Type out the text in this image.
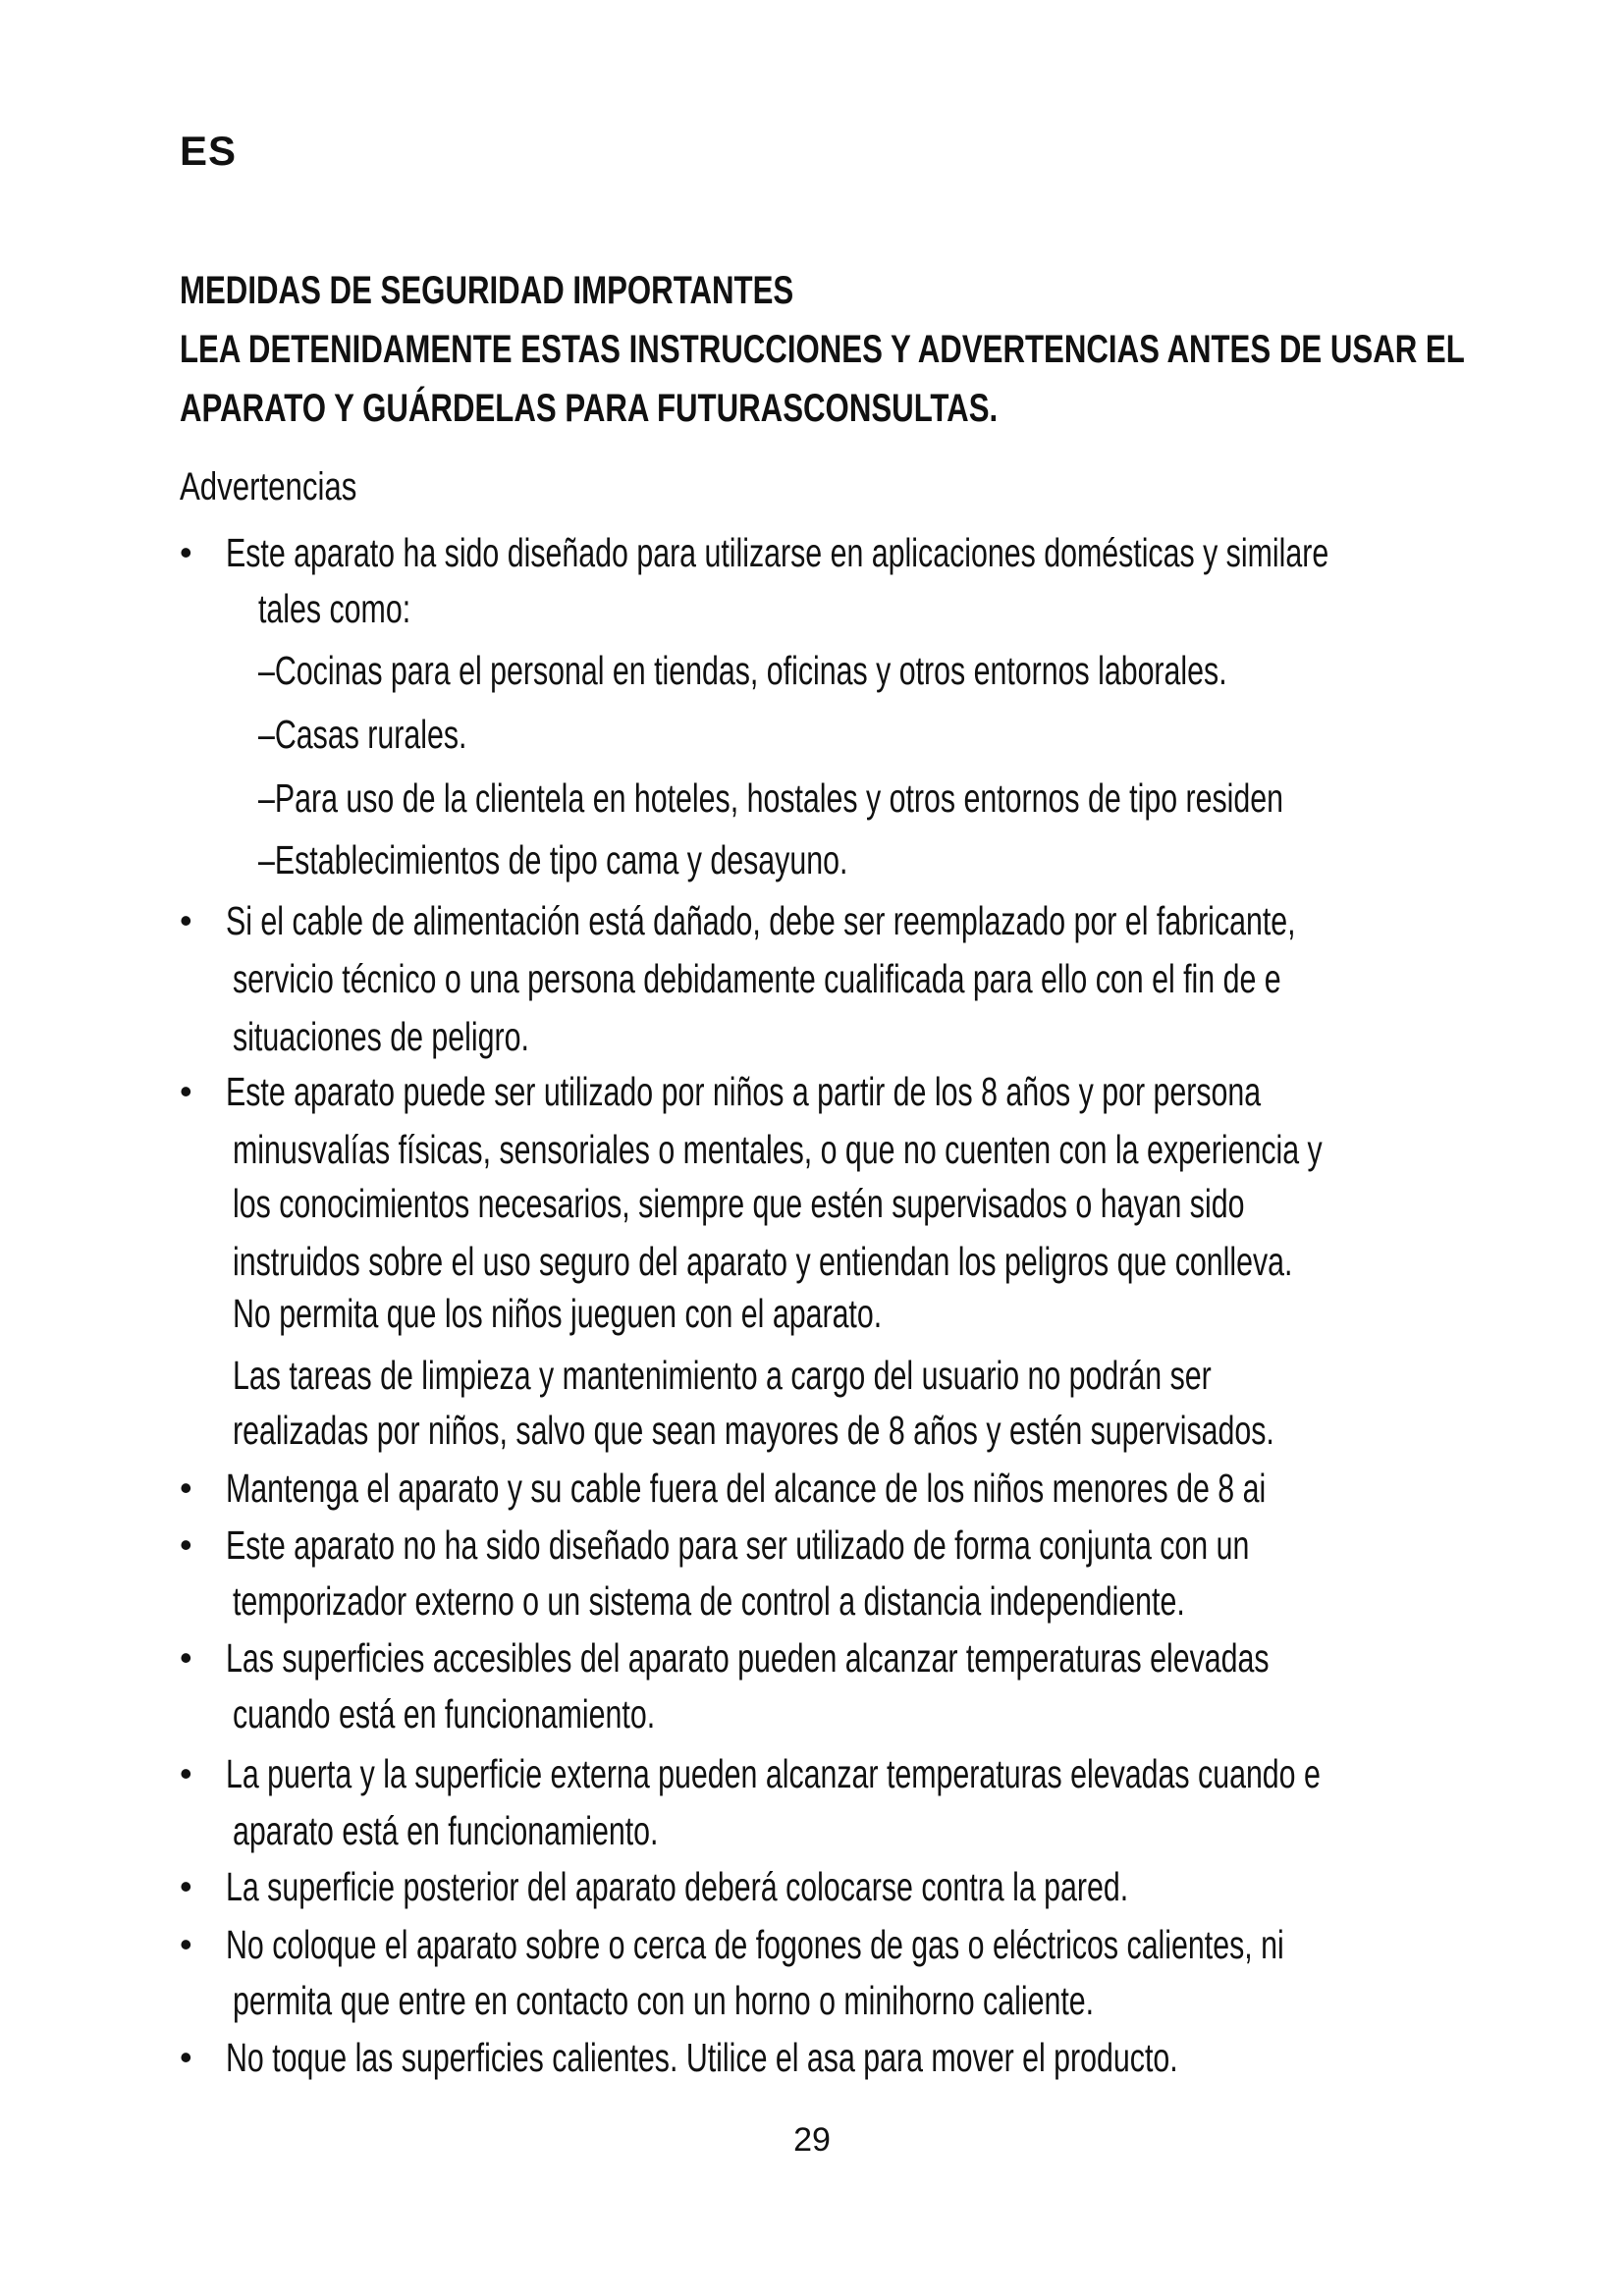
ES
MEDIDAS DE SEGURIDAD IMPORTANTES
LEA DETENIDAMENTE ESTAS INSTRUCCIONES Y ADVERTENCIAS ANTES DE USAR EL
APARATO Y GUÁRDELAS PARA FUTURASCONSULTAS.
Advertencias
• Este aparato ha sido diseñado para utilizarse en aplicaciones domésticas y similare
tales como:
–Cocinas para el personal en tiendas, oficinas y otros entornos laborales.
–Casas rurales.
–Para uso de la clientela en hoteles, hostales y otros entornos de tipo residen
–Establecimientos de tipo cama y desayuno.
• Si el cable de alimentación está dañado, debe ser reemplazado por el fabricante,
servicio técnico o una persona debidamente cualificada para ello con el fin de e
situaciones de peligro.
• Este aparato puede ser utilizado por niños a partir de los 8 años y por persona
minusvalías físicas, sensoriales o mentales, o que no cuenten con la experiencia y
los conocimientos necesarios, siempre que estén supervisados o hayan sido
instruidos sobre el uso seguro del aparato y entiendan los peligros que conlleva.
No permita que los niños jueguen con el aparato.
Las tareas de limpieza y mantenimiento a cargo del usuario no podrán ser
realizadas por niños, salvo que sean mayores de 8 años y estén supervisados.
• Mantenga el aparato y su cable fuera del alcance de los niños menores de 8 ai
• Este aparato no ha sido diseñado para ser utilizado de forma conjunta con un
temporizador externo o un sistema de control a distancia independiente.
• Las superficies accesibles del aparato pueden alcanzar temperaturas elevadas
cuando está en funcionamiento.
• La puerta y la superficie externa pueden alcanzar temperaturas elevadas cuando e
aparato está en funcionamiento.
• La superficie posterior del aparato deberá colocarse contra la pared.
• No coloque el aparato sobre o cerca de fogones de gas o eléctricos calientes, ni
permita que entre en contacto con un horno o minihorno caliente.
• No toque las superficies calientes. Utilice el asa para mover el producto.
29
